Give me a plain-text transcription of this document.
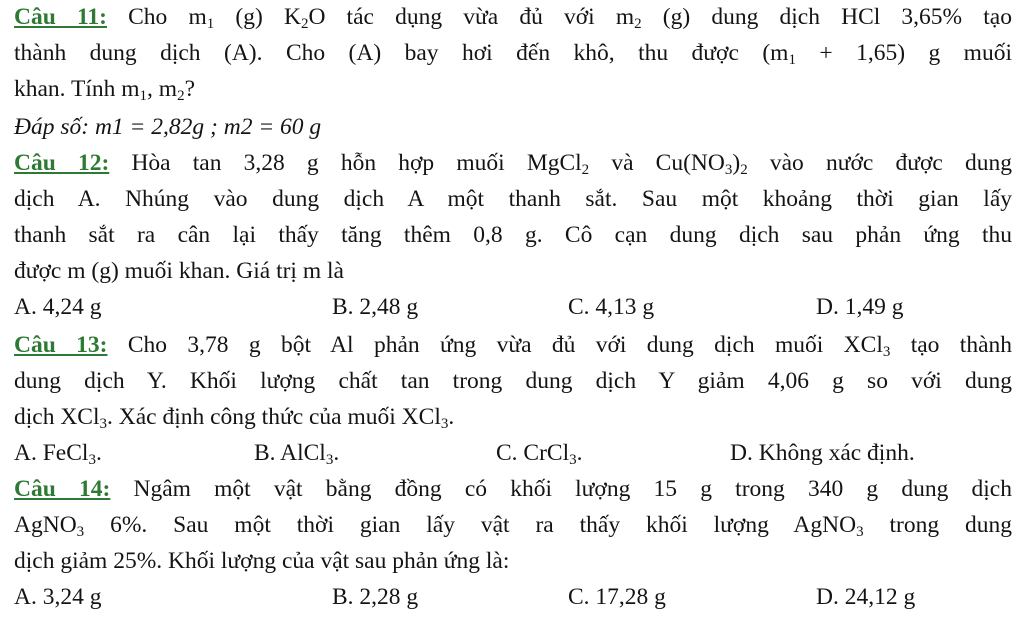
Câu 11: Cho $m_1$ (g) $K_2O$ tác dụng vừa đủ với $m_2$ (g) dung dịch HCl 3,65% tạo
thành dung dịch (A). Cho (A) bay hơi đến khô, thu được $(m_1 + 1,65)$ g muối
khan. Tính $m_1$, $m_2$?
Đáp số: m1 = 2,82g ; m2 = 60 g
Câu 12: Hòa tan 3,28 g hỗn hợp muối MgCl$_2$ và $Cu(NO_3)_2$ vào nước được dung
dịch A. Nhúng vào dung dịch A một thanh sắt. Sau một khoảng thời gian lấy
thanh sắt ra cân lại thấy tăng thêm 0,8 g. Cô cạn dung dịch sau phản ứng thu
được m (g) muối khan. Giá trị m là
A. 4,24 g	B. 2,48 g	C. 4,13 g	D. 1,49 g
Câu 13: Cho 3,78 g bột Al phản ứng vừa đủ với dung dịch muối XCl$_3$ tạo thành
dung dịch Y. Khối lượng chất tan trong dung dịch Y giảm 4,06 g so với dung
dịch XCl$_3$. Xác định công thức của muối XCl$_3$.
A. FeCl$_3$.	B. AlCl$_3$.	C. CrCl$_3$.	D. Không xác định.
Câu 14: Ngâm một vật bằng đồng có khối lượng 15 g trong 340 g dung dịch
AgNO$_3$ 6%. Sau một thời gian lấy vật ra thấy khối lượng AgNO$_3$ trong dung
dịch giảm 25%. Khối lượng của vật sau phản ứng là:
A. 3,24 g	B. 2,28 g	C. 17,28 g	D. 24,12 g
